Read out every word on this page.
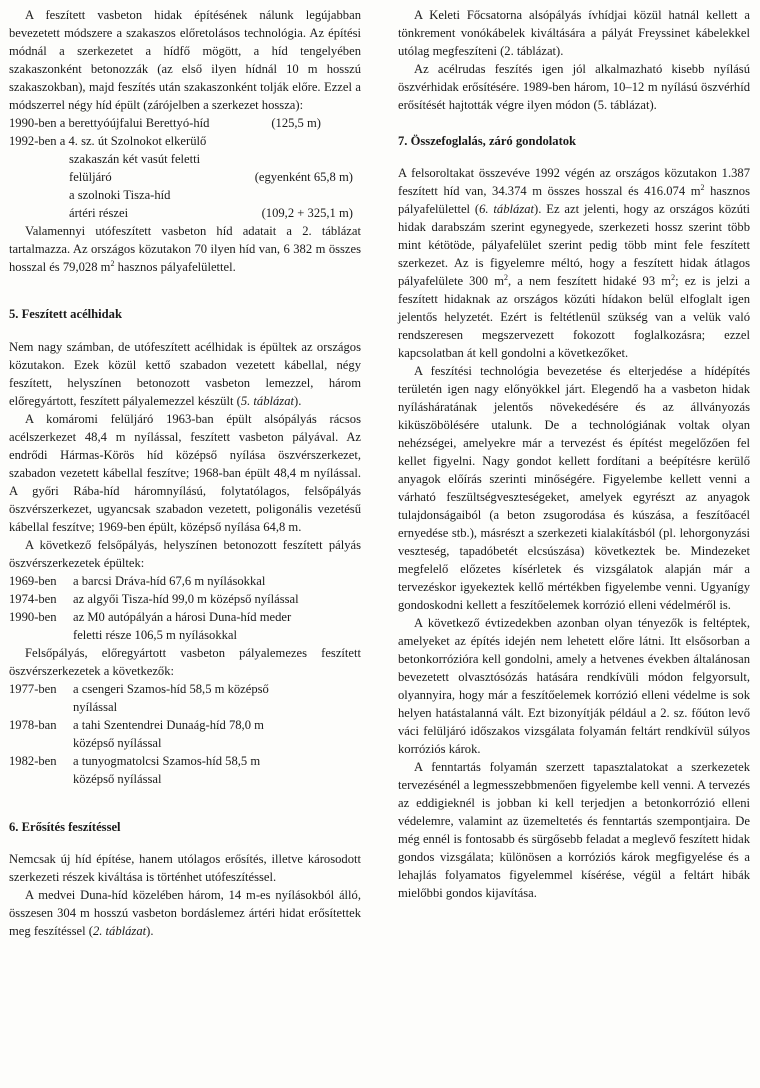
A feszített vasbeton hidak építésének nálunk legújabban bevezetett módszere a szakaszos előretolásos technológia. Az építési módnál a szerkezetet a hídfő mögött, a híd tengelyében szakaszonként betonozzák (az első ilyen hídnál 10 m hosszú szakaszokban), majd feszítés után szakaszonként tolják előre. Ezzel a módszerrel négy híd épült (zárójelben a szerkezet hossza):

1990-ben a berettyóújfalui Berettyó-híd	(125,5 m)
1992-ben a 4. sz. út Szolnokot elkerülő
szakaszán két vasút feletti
felüljáró	(egyenként 65,8 m)
a szolnoki Tisza-híd
ártéri részei	(109,2 + 325,1 m)

Valamennyi utófeszített vasbeton híd adatait a 2. táblázat tartalmazza. Az országos közutakon 70 ilyen híd van, 6 382 m összes hosszal és 79,028 $m^2$ hasznos pályafelülettel.

5. Feszített acélhidak

Nem nagy számban, de utófeszített acélhidak is épültek az országos közutakon. Ezek közül kettő szabadon vezetett kábellal, négy feszített, helyszínen betonozott vasbeton lemezzel, három előregyártott, feszített pályalemezzel készült (5. táblázat).

A komáromi felüljáró 1963-ban épült alsópályás rácsos acélszerkezet 48,4 m nyílással, feszített vasbeton pályával. Az endrődi Hármas-Körös híd középső nyílása öszvérszerkezet, szabadon vezetett kábellal feszítve; 1968-ban épült 48,4 m nyílással. A győri Rába-híd háromnyílású, folytatólagos, felsőpályás öszvérszerkezet, ugyancsak szabadon vezetett, poligonális vezetésű kábellal feszítve; 1969-ben épült, középső nyílása 64,8 m.

A következő felsőpályás, helyszínen betonozott feszített pályás öszvérszerkezetek épültek:

1969-ben	a barcsi Dráva-híd 67,6 m nyílásokkal
1974-ben	az algyői Tisza-híd 99,0 m középső nyílással
1990-ben	az M0 autópályán a hárosi Duna-híd meder
feletti része 106,5 m nyílásokkal

Felsőpályás, előregyártott vasbeton pályalemezes feszített öszvérszerkezetek a következők:

1977-ben	a csengeri Szamos-híd 58,5 m középső
nyílással
1978-ban	a tahi Szentendrei Dunaág-híd 78,0 m
középső nyílással
1982-ben	a tunyogmatolcsi Szamos-híd 58,5 m
középső nyílással
6. Erősítés feszítéssel

Nemcsak új híd építése, hanem utólagos erősítés, illetve károsodott szerkezeti részek kiváltása is történhet utófeszítéssel.

A medvei Duna-híd közelében három, 14 m-es nyílásokból álló, összesen 304 m hosszú vasbeton bordáslemez ártéri hidat erősítettek meg feszítéssel (2. táblázat).

A Keleti Főcsatorna alsópályás ívhídjai közül hatnál kellett a tönkrement vonókábelek kiváltására a pályát Freyssinet kábelekkel utólag megfeszíteni (2. táblázat).

Az acélrudas feszítés igen jól alkalmazható kisebb nyílású öszvérhidak erősítésére. 1989-ben három, 10–12 m nyílású öszvérhíd erősítését hajtották végre ilyen módon (5. táblázat).

7. Összefoglalás, záró gondolatok

A felsoroltakat összevéve 1992 végén az országos közutakon 1.387 feszített híd van, 34.374 m összes hosszal és 416.074 $m^2$ hasznos pályafelülettel (6. táblázat). Ez azt jelenti, hogy az országos közúti hidak darabszám szerint egynegyede, szerkezeti hossz szerint több mint kétötöde, pályafelület szerint pedig több mint fele feszített szerkezet. Az is figyelemre méltó, hogy a feszített hidak átlagos pályafelülete 300 $m^2$, a nem feszített hidaké 93 $m^2$; ez is jelzi a feszített hidaknak az országos közúti hídakon belül elfoglalt igen jelentős helyzetét. Ezért is feltétlenül szükség van a velük való rendszeresen megszervezett fokozott foglalkozásra; ezzel kapcsolatban át kell gondolni a következőket.

A feszítési technológia bevezetése és elterjedése a hídépítés területén igen nagy előnyökkel járt. Elegendő ha a vasbeton hidak nyílásháratának jelentős növekedésére és az állványozás kiküszöbölésére utalunk. De a technológiának voltak olyan nehézségei, amelyekre már a tervezést és építést megelőzően fel kellet figyelni. Nagy gondot kellett fordítani a beépítésre kerülő anyagok előírás szerinti minőségére. Figyelembe kellett venni a várható feszültségveszteségeket, amelyek egyrészt az anyagok tulajdonságaiból (a beton zsugorodása és kúszása, a feszítőacél ernyedése stb.), másrészt a szerkezeti kialakításból (pl. lehorgonyzási veszteség, tapadóbetét elcsúszása) következtek be. Mindezeket megfelelő előzetes kísérletek és vizsgálatok alapján már a tervezéskor igyekeztek kellő mértékben figyelembe venni. Ugyanígy gondoskodni kellett a feszítőelemek korrózió elleni védelméről is.

A következő évtizedekben azonban olyan tényezők is feltéptek, amelyeket az építés idején nem lehetett előre látni. Itt elsősorban a betonkorrózióra kell gondolni, amely a hetvenes években általánosan bevezetett olvasztósózás hatására rendkívüli módon felgyorsult, olyannyira, hogy már a feszítőelemek korrózió elleni védelme is sok helyen hatástalanná vált. Ezt bizonyítják például a 2. sz. főúton levő váci felüljáró időszakos vizsgálata folyamán feltárt rendkívül súlyos korróziós károk.

A fenntartás folyamán szerzett tapasztalatokat a szerkezetek tervezésénél a legmesszebbmenően figyelembe kell venni. A tervezés az eddigieknél is jobban ki kell terjedjen a betonkorrózió elleni védelemre, valamint az üzemeltetés és fenntartás szempontjaira. De még ennél is fontosabb és sürgősebb feladat a meglevő feszített hidak gondos vizsgálata; különösen a korróziós károk megfigyelése és a lehajlás folyamatos figyelemmel kísérése, végül a feltárt hibák mielőbbi gondos kijavítása.
